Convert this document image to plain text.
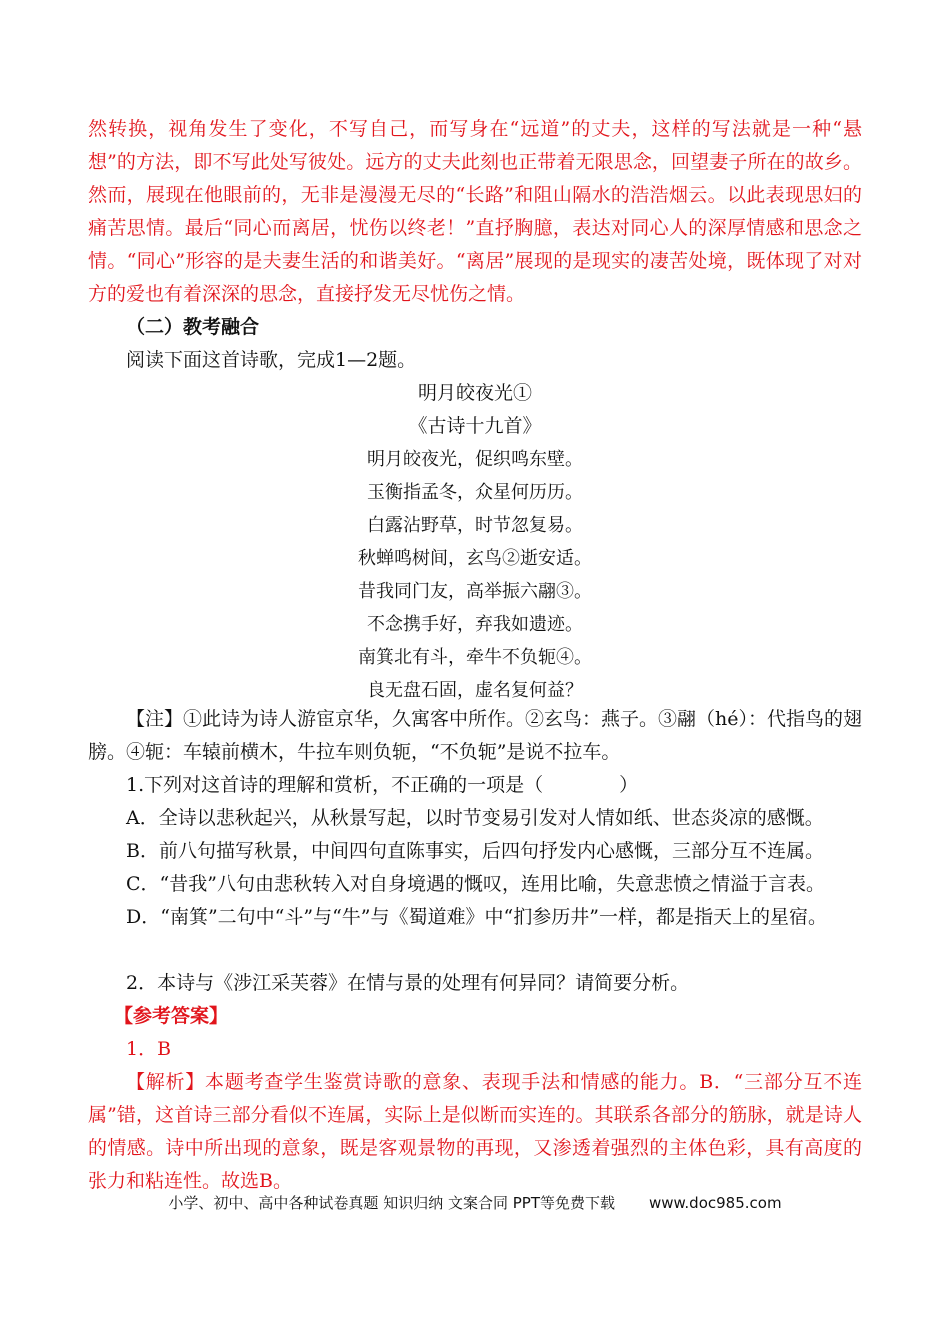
然转换，视角发生了变化，不写自己，而写身在“远道”的丈夫，这样的写法就是一种“悬想”的方法，即不写此处写彼处。远方的丈夫此刻也正带着无限思念，回望妻子所在的故乡。然而，展现在他眼前的，无非是漫漫无尽的“长路”和阻山隔水的浩浩烟云。以此表现思妇的痛苦思情。最后“同心而离居，忧伤以终老！”直抒胸臆，表达对同心人的深厚情感和思念之情。“同心”形容的是夫妻生活的和谐美好。“离居”展现的是现实的凄苦处境，既体现了对对方的爱也有着深深的思念，直接抒发无尽忧伤之情。

（二）教考融合

阅读下面这首诗歌，完成1—2题。

明月皎夜光①

《古诗十九首》

明月皎夜光，促织鸣东壁。

玉衡指孟冬，众星何历历。

白露沾野草，时节忽复易。

秋蝉鸣树间，玄鸟②逝安适。

昔我同门友，高举振六翮③。

不念携手好，弃我如遗迹。

南箕北有斗，牵牛不负轭④。

良无盘石固，虚名复何益？

【注】①此诗为诗人游宦京华，久寓客中所作。②玄鸟：燕子。③翮（hé）：代指鸟的翅膀。④轭：车辕前横木，牛拉车则负轭，“不负轭”是说不拉车。

1.下列对这首诗的理解和赏析，不正确的一项是（　　　　）

A．全诗以悲秋起兴，从秋景写起，以时节变易引发对人情如纸、世态炎凉的感慨。

B．前八句描写秋景，中间四句直陈事实，后四句抒发内心感慨，三部分互不连属。

C．“昔我”八句由悲秋转入对自身境遇的慨叹，连用比喻，失意悲愤之情溢于言表。

D．“南箕”二句中“斗”与“牛”与《蜀道难》中“扪参历井”一样，都是指天上的星宿。

2．本诗与《涉江采芙蓉》在情与景的处理有何异同？请简要分析。

【参考答案】

1．B

【解析】本题考查学生鉴赏诗歌的意象、表现手法和情感的能力。B．“三部分互不连属”错，这首诗三部分看似不连属，实际上是似断而实连的。其联系各部分的筋脉，就是诗人的情感。诗中所出现的意象，既是客观景物的再现，又渗透着强烈的主体色彩，具有高度的张力和粘连性。故选B。

小学、初中、高中各种试卷真题 知识归纳 文案合同 PPT等免费下载 www.doc985.com
